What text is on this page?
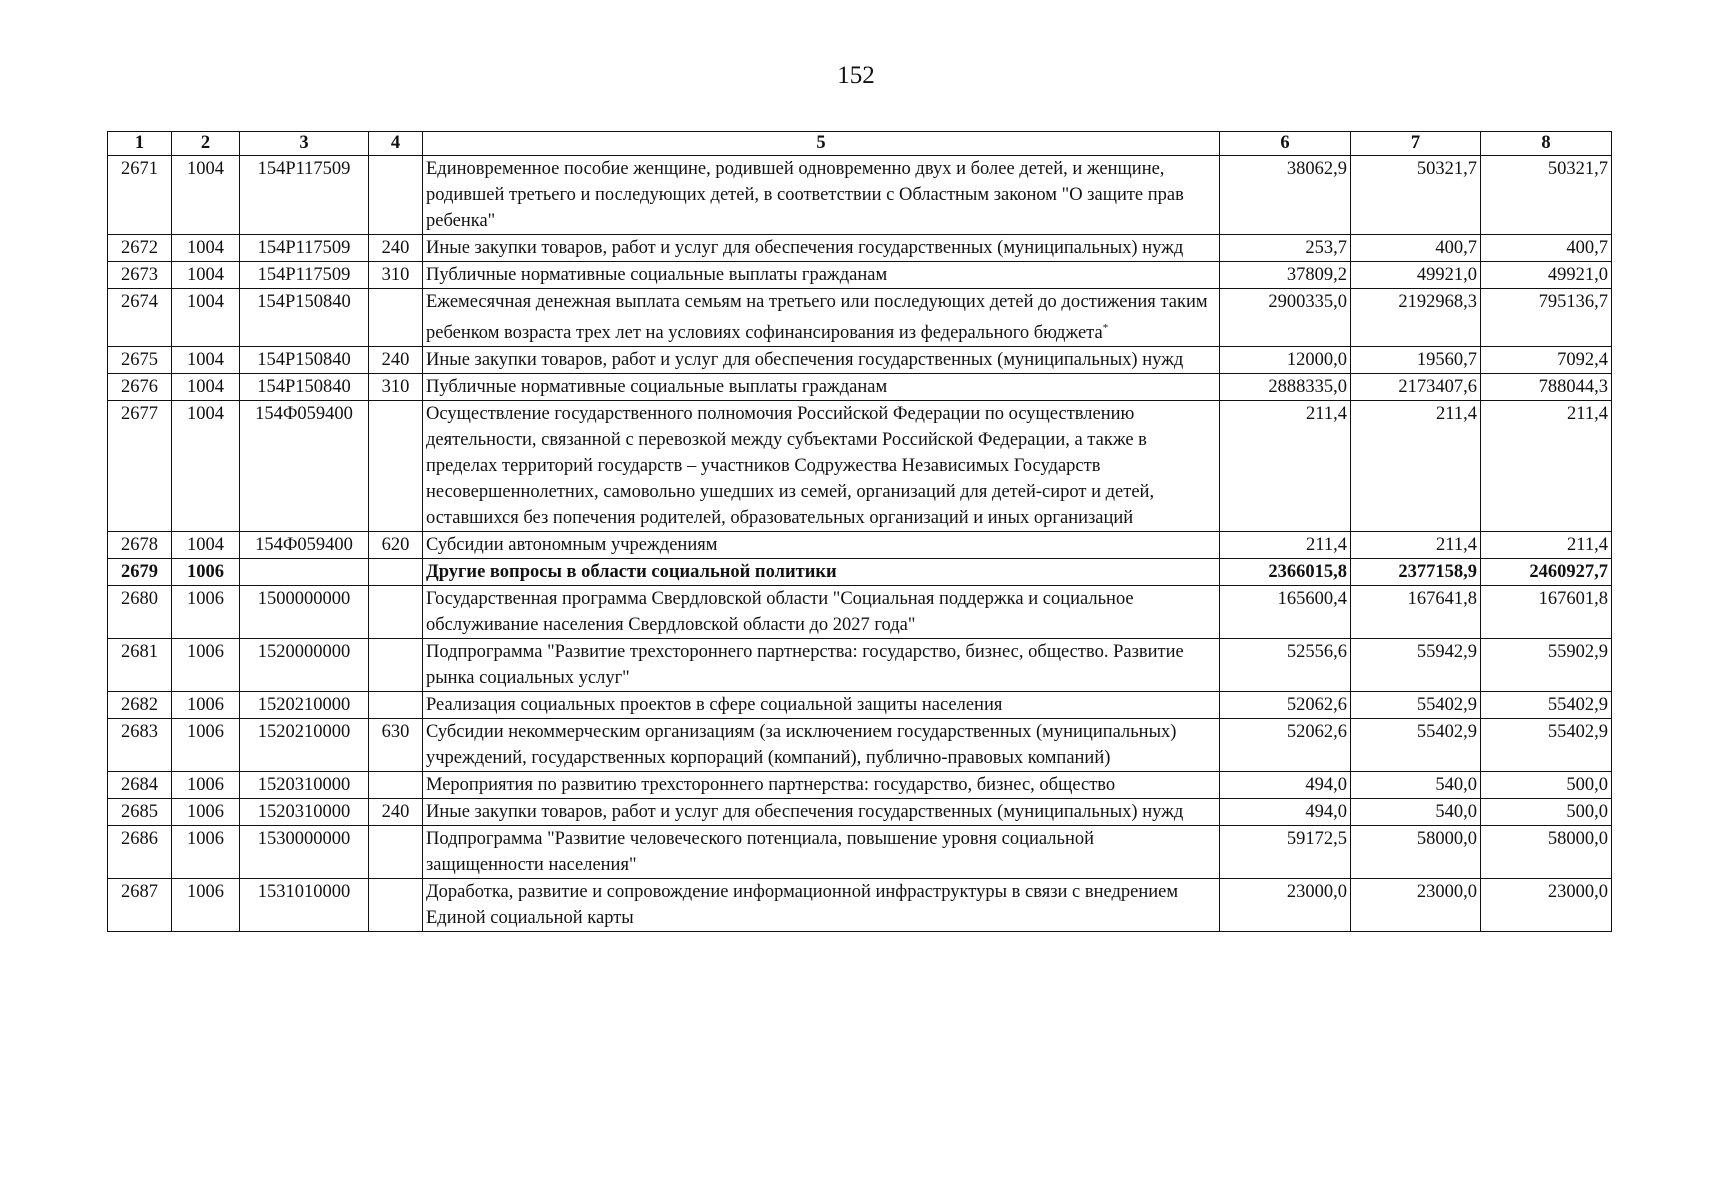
152
1	2	3	4	5	6	7	8
2671	1004	154P117509		Единовременное пособие женщине, родившей одновременно двух и более детей, и женщине, родившей третьего и последующих детей, в соответствии с Областным законом "О защите прав ребенка"	38062,9	50321,7	50321,7
2672	1004	154P117509	240	Иные закупки товаров, работ и услуг для обеспечения государственных (муниципальных) нужд	253,7	400,7	400,7
2673	1004	154P117509	310	Публичные нормативные социальные выплаты гражданам	37809,2	49921,0	49921,0
2674	1004	154P150840		Ежемесячная денежная выплата семьям на третьего или последующих детей до достижения таким ребенком возраста трех лет на условиях софинансирования из федерального бюджета*	2900335,0	2192968,3	795136,7
2675	1004	154P150840	240	Иные закупки товаров, работ и услуг для обеспечения государственных (муниципальных) нужд	12000,0	19560,7	7092,4
2676	1004	154P150840	310	Публичные нормативные социальные выплаты гражданам	2888335,0	2173407,6	788044,3
2677	1004	154Ф059400		Осуществление государственного полномочия Российской Федерации по осуществлению деятельности, связанной с перевозкой между субъектами Российской Федерации, а также в пределах территорий государств – участников Содружества Независимых Государств несовершеннолетних, самовольно ушедших из семей, организаций для детей-сирот и детей, оставшихся без попечения родителей, образовательных организаций и иных организаций	211,4	211,4	211,4
2678	1004	154Ф059400	620	Субсидии автономным учреждениям	211,4	211,4	211,4
2679	1006			Другие вопросы в области социальной политики	2366015,8	2377158,9	2460927,7
2680	1006	1500000000		Государственная программа Свердловской области "Социальная поддержка и социальное обслуживание населения Свердловской области до 2027 года"	165600,4	167641,8	167601,8
2681	1006	1520000000		Подпрограмма "Развитие трехстороннего партнерства: государство, бизнес, общество. Развитие рынка социальных услуг"	52556,6	55942,9	55902,9
2682	1006	1520210000		Реализация социальных проектов в сфере социальной защиты населения	52062,6	55402,9	55402,9
2683	1006	1520210000	630	Субсидии некоммерческим организациям (за исключением государственных (муниципальных) учреждений, государственных корпораций (компаний), публично-правовых компаний)	52062,6	55402,9	55402,9
2684	1006	1520310000		Мероприятия по развитию трехстороннего партнерства: государство, бизнес, общество	494,0	540,0	500,0
2685	1006	1520310000	240	Иные закупки товаров, работ и услуг для обеспечения государственных (муниципальных) нужд	494,0	540,0	500,0
2686	1006	1530000000		Подпрограмма "Развитие человеческого потенциала, повышение уровня социальной защищенности населения"	59172,5	58000,0	58000,0
2687	1006	1531010000		Доработка, развитие и сопровождение информационной инфраструктуры в связи с внедрением Единой социальной карты	23000,0	23000,0	23000,0
